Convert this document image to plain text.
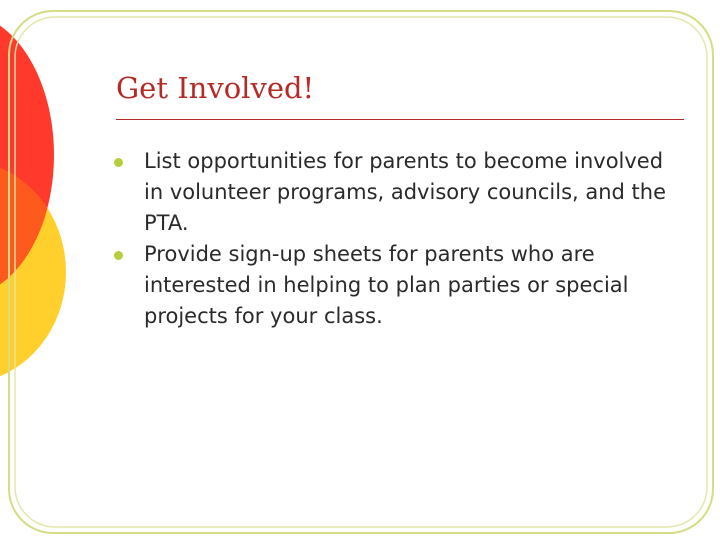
Get Involved!
List opportunities for parents to become involved in volunteer programs, advisory councils, and the PTA.
Provide sign-up sheets for parents who are interested in helping to plan parties or special projects for your class.
